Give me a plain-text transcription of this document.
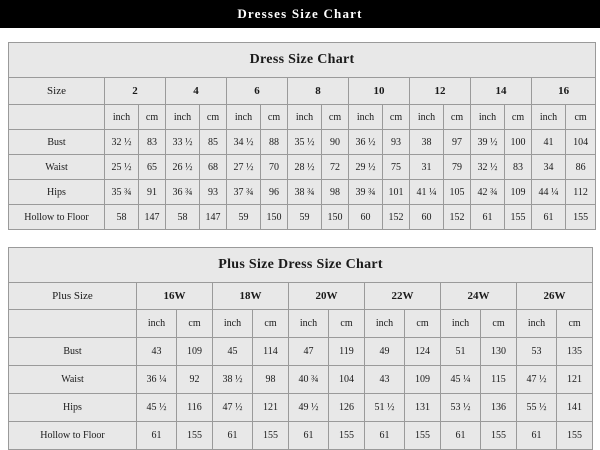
Dresses Size Chart
Dress Size Chart																
Size	2		4		6		8		10		12		14		16	
	inch	cm	inch	cm	inch	cm	inch	cm	inch	cm	inch	cm	inch	cm	inch	cm
Bust	32 ½	83	33 ½	85	34 ½	88	35 ½	90	36 ½	93	38	97	39 ½	100	41	104
Waist	25 ½	65	26 ½	68	27 ½	70	28 ½	72	29 ½	75	31	79	32 ½	83	34	86
Hips	35 ¾	91	36 ¾	93	37 ¾	96	38 ¾	98	39 ¾	101	41 ¼	105	42 ¾	109	44 ¼	112
Hollow to Floor	58	147	58	147	59	150	59	150	60	152	60	152	61	155	61	155
Plus Size Dress Size Chart												
Plus Size	16W		18W		20W		22W		24W		26W	
	inch	cm	inch	cm	inch	cm	inch	cm	inch	cm	inch	cm
Bust	43	109	45	114	47	119	49	124	51	130	53	135
Waist	36 ¼	92	38 ½	98	40 ¾	104	43	109	45 ¼	115	47 ½	121
Hips	45 ½	116	47 ½	121	49 ½	126	51 ½	131	53 ½	136	55 ½	141
Hollow to Floor	61	155	61	155	61	155	61	155	61	155	61	155
